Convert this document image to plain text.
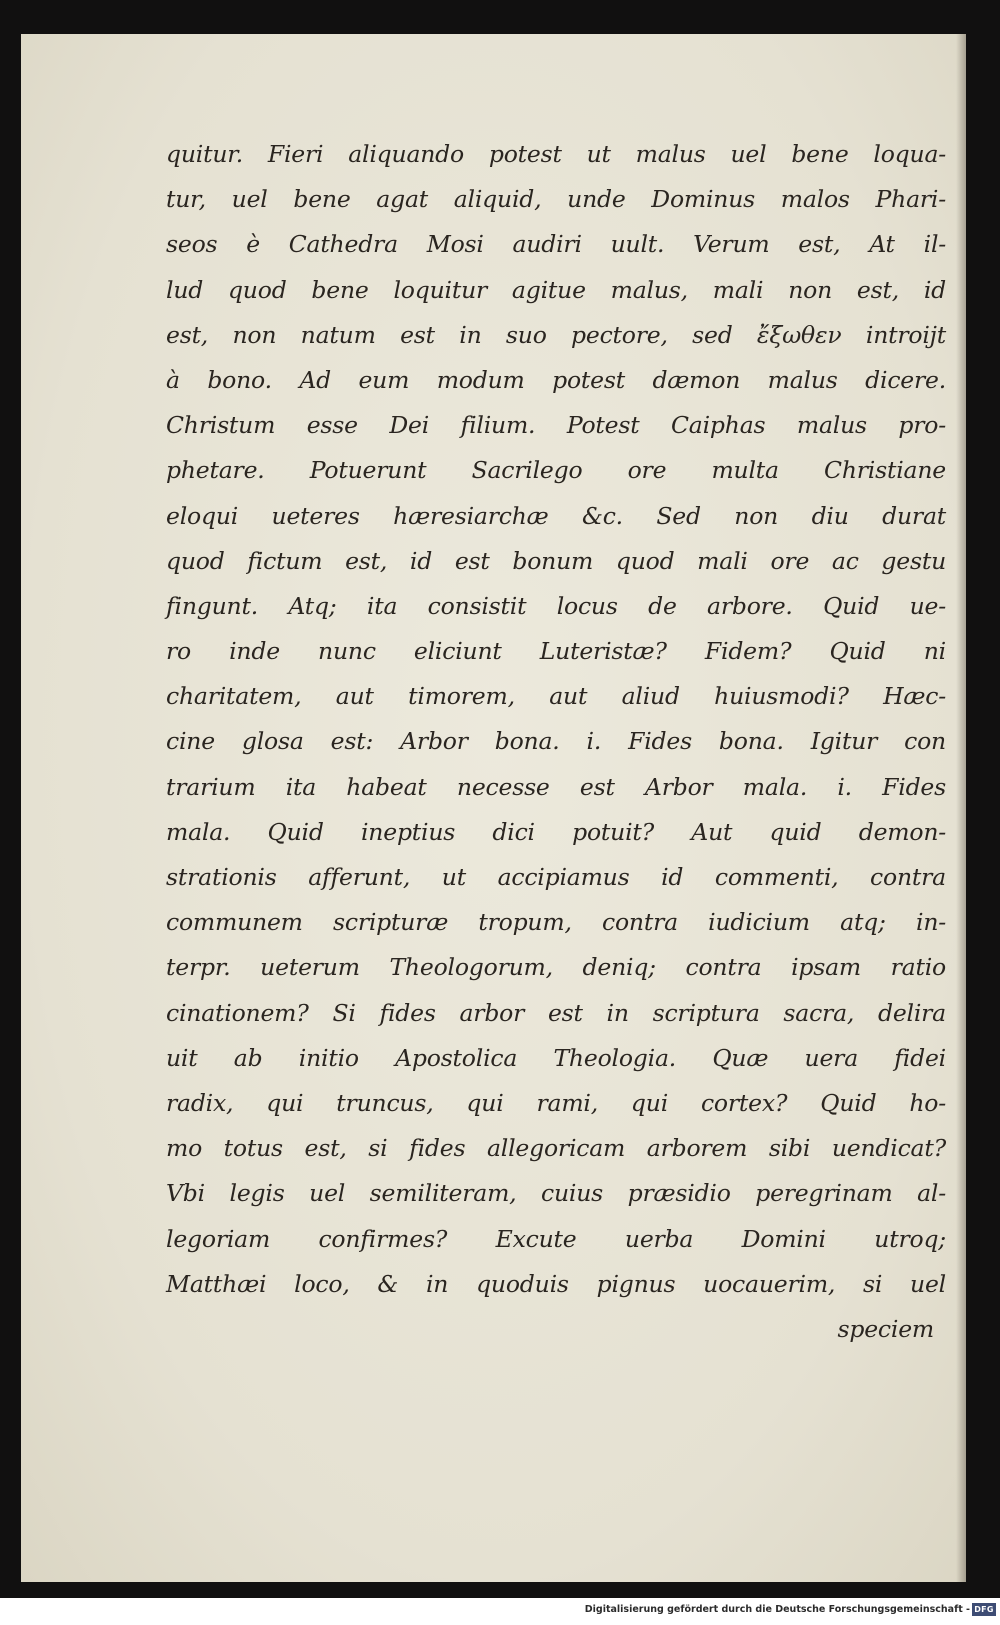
quitur. Fieri aliquando potest ut malus uel bene loqua-
tur, uel bene agat aliquid, unde Dominus malos Phari-
seos è Cathedra Mosi audiri uult. Verum est, At il-
lud quod bene loquitur agitue malus, mali non est, id
est, non natum est in suo pectore, sed ἔξωθεν introijt
à bono. Ad eum modum potest dæmon malus dicere.
Christum esse Dei filium. Potest Caiphas malus pro-
phetare. Potuerunt Sacrilego ore multa Christiane
eloqui ueteres hæresiarchæ &c. Sed non diu durat
quod fictum est, id est bonum quod mali ore ac gestu
fingunt. Atq; ita consistit locus de arbore. Quid ue-
ro inde nunc eliciunt Luteristæ? Fidem? Quid ni
charitatem, aut timorem, aut aliud huiusmodi? Hæc-
cine glosa est: Arbor bona. i. Fides bona. Igitur con
trarium ita habeat necesse est Arbor mala. i. Fides
mala. Quid ineptius dici potuit? Aut quid demon-
strationis afferunt, ut accipiamus id commenti, contra
communem scripturæ tropum, contra iudicium atq; in-
terpr. ueterum Theologorum, deniq; contra ipsam ratio
cinationem? Si fides arbor est in scriptura sacra, delira
uit ab initio Apostolica Theologia. Quæ uera fidei
radix, qui truncus, qui rami, qui cortex? Quid ho-
mo totus est, si fides allegoricam arborem sibi uendicat?
Vbi legis uel semiliteram, cuius præsidio peregrinam al-
legoriam confirmes? Excute uerba Domini utroq;
Matthæi loco, & in quoduis pignus uocauerim, si uel
speciem
Digitalisierung gefördert durch die Deutsche Forschungsgemeinschaft - DFG
